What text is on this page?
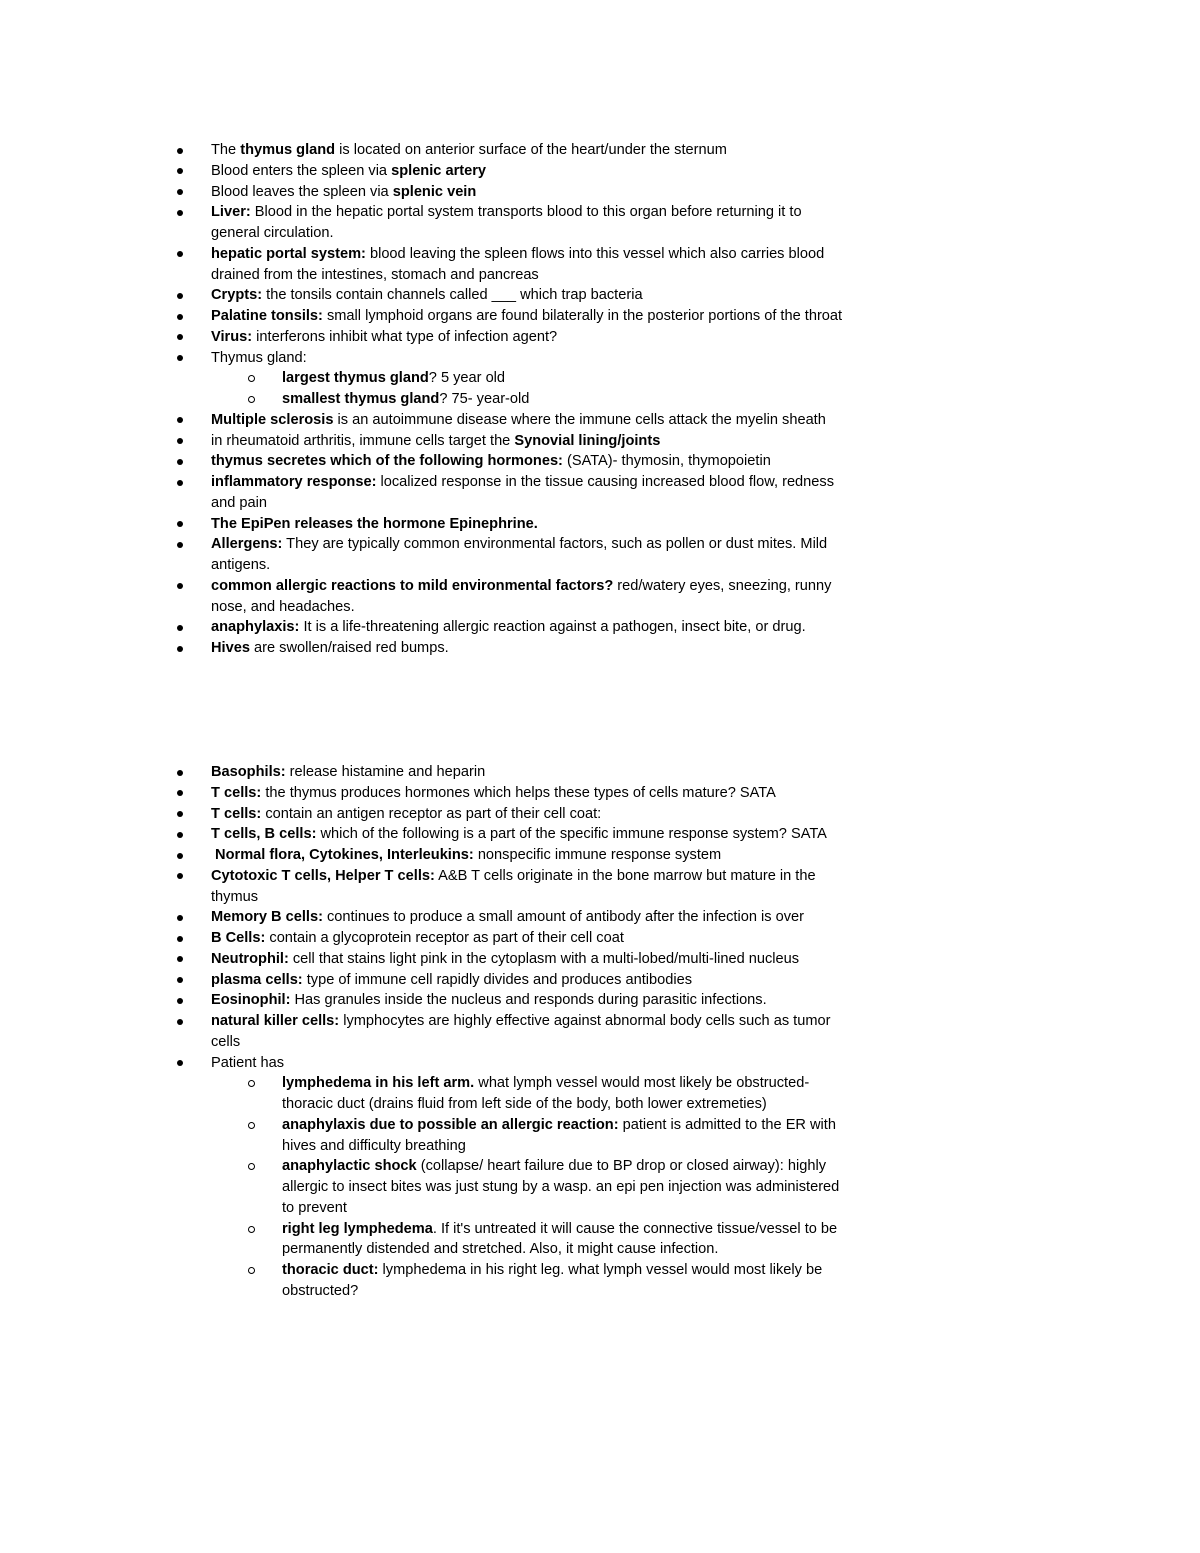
The thymus gland is located on anterior surface of the heart/under the sternum
Blood enters the spleen via splenic artery
Blood leaves the spleen via splenic vein
Liver: Blood in the hepatic portal system transports blood to this organ before returning it to general circulation.
hepatic portal system: blood leaving the spleen flows into this vessel which also carries blood drained from the intestines, stomach and pancreas
Crypts: the tonsils contain channels called ___ which trap bacteria
Palatine tonsils: small lymphoid organs are found bilaterally in the posterior portions of the throat
Virus: interferons inhibit what type of infection agent?
Thymus gland:
largest thymus gland? 5 year old
smallest thymus gland? 75- year-old
Multiple sclerosis is an autoimmune disease where the immune cells attack the myelin sheath
in rheumatoid arthritis, immune cells target the Synovial lining/joints
thymus secretes which of the following hormones: (SATA)- thymosin, thymopoietin
inflammatory response: localized response in the tissue causing increased blood flow, redness and pain
The EpiPen releases the hormone Epinephrine.
Allergens: They are typically common environmental factors, such as pollen or dust mites. Mild antigens.
common allergic reactions to mild environmental factors? red/watery eyes, sneezing, runny nose, and headaches.
anaphylaxis: It is a life-threatening allergic reaction against a pathogen, insect bite, or drug.
Hives are swollen/raised red bumps.
Basophils: release histamine and heparin
T cells: the thymus produces hormones which helps these types of cells mature? SATA
T cells: contain an antigen receptor as part of their cell coat:
T cells, B cells: which of the following is a part of the specific immune response system? SATA
Normal flora, Cytokines, Interleukins: nonspecific immune response system
Cytotoxic T cells, Helper T cells: A&B T cells originate in the bone marrow but mature in the thymus
Memory B cells: continues to produce a small amount of antibody after the infection is over
B Cells: contain a glycoprotein receptor as part of their cell coat
Neutrophil: cell that stains light pink in the cytoplasm with a multi-lobed/multi-lined nucleus
plasma cells: type of immune cell rapidly divides and produces antibodies
Eosinophil: Has granules inside the nucleus and responds during parasitic infections.
natural killer cells: lymphocytes are highly effective against abnormal body cells such as tumor cells
Patient has
lymphedema in his left arm. what lymph vessel would most likely be obstructed- thoracic duct (drains fluid from left side of the body, both lower extremeties)
anaphylaxis due to possible an allergic reaction: patient is admitted to the ER with hives and difficulty breathing
anaphylactic shock (collapse/ heart failure due to BP drop or closed airway): highly allergic to insect bites was just stung by a wasp. an epi pen injection was administered to prevent
right leg lymphedema. If it's untreated it will cause the connective tissue/vessel to be permanently distended and stretched. Also, it might cause infection.
thoracic duct: lymphedema in his right leg. what lymph vessel would most likely be obstructed?
